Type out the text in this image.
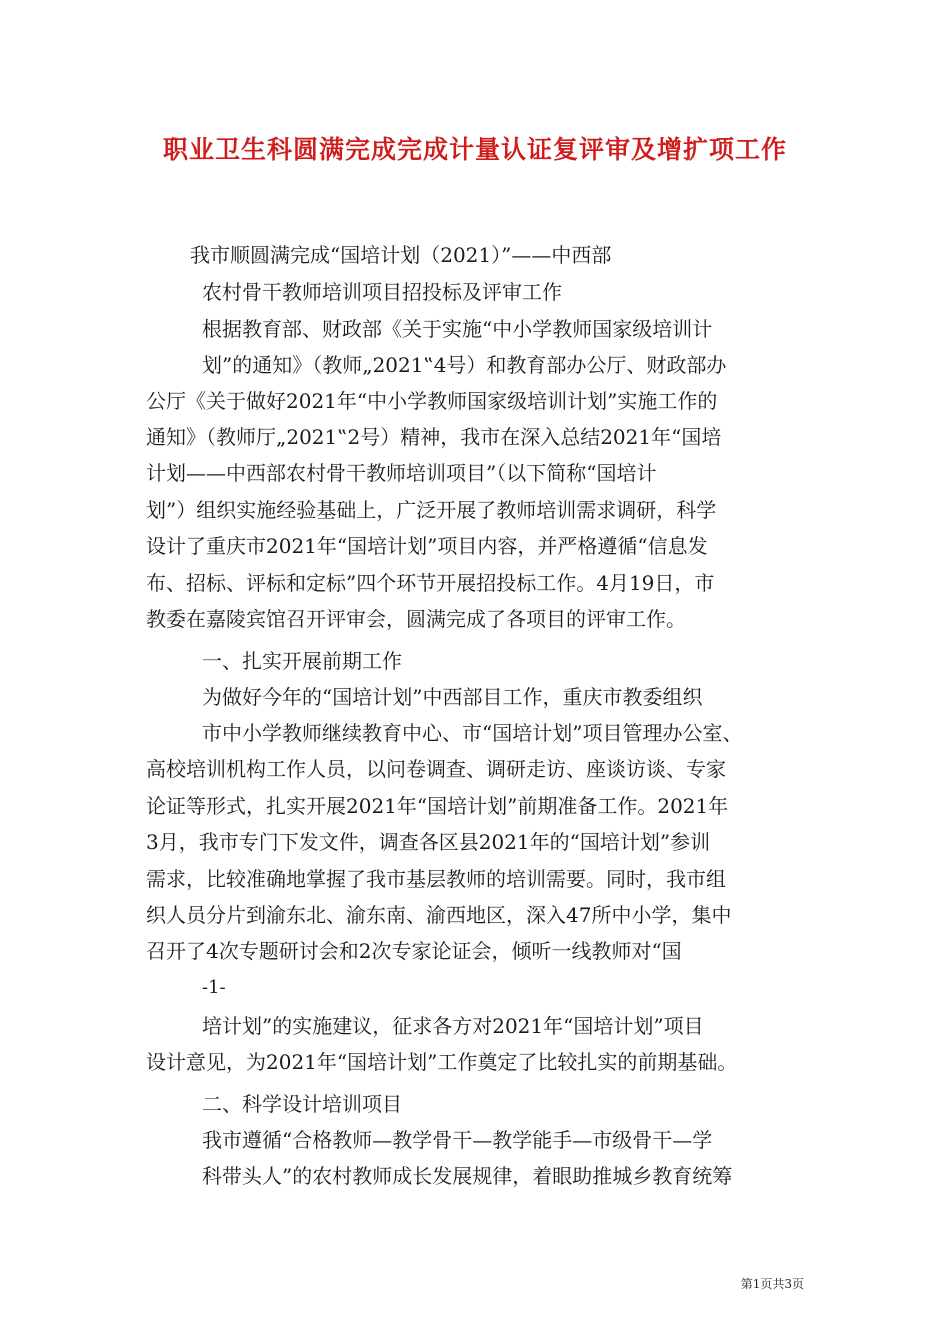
职业卫生科圆满完成完成计量认证复评审及增扩项工作
我市顺圆满完成“国培计划（2021）”——中西部
农村骨干教师培训项目招投标及评审工作
根据教育部、财政部《关于实施“中小学教师国家级培训计
划”的通知》（教师„2021‟4号）和教育部办公厅、财政部办
公厅《关于做好2021年“中小学教师国家级培训计划”实施工作的
通知》（教师厅„2021‟2号）精神，我市在深入总结2021年“国培
计划——中西部农村骨干教师培训项目”（以下简称“国培计
划”）组织实施经验基础上，广泛开展了教师培训需求调研，科学
设计了重庆市2021年“国培计划”项目内容，并严格遵循“信息发
布、招标、评标和定标”四个环节开展招投标工作。4月19日，市
教委在嘉陵宾馆召开评审会，圆满完成了各项目的评审工作。
一、扎实开展前期工作
为做好今年的“国培计划”中西部目工作，重庆市教委组织
市中小学教师继续教育中心、市“国培计划”项目管理办公室、
高校培训机构工作人员，以问卷调查、调研走访、座谈访谈、专家
论证等形式，扎实开展2021年“国培计划”前期准备工作。2021年
3月，我市专门下发文件，调查各区县2021年的“国培计划”参训
需求，比较准确地掌握了我市基层教师的培训需要。同时，我市组
织人员分片到渝东北、渝东南、渝西地区，深入47所中小学，集中
召开了4次专题研讨会和2次专家论证会，倾听一线教师对“国
-1-
培计划”的实施建议，征求各方对2021年“国培计划”项目
设计意见，为2021年“国培计划”工作奠定了比较扎实的前期基础。
二、科学设计培训项目
我市遵循“合格教师—教学骨干—教学能手—市级骨干—学
科带头人”的农村教师成长发展规律，着眼助推城乡教育统筹
第1页共3页
